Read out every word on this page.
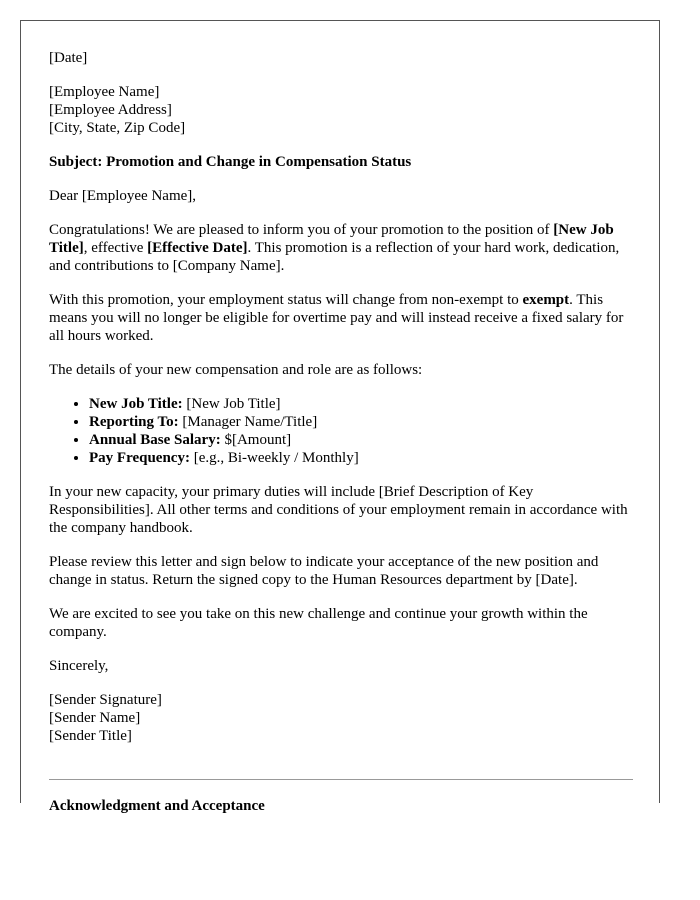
[Date]

[Employee Name]
[Employee Address]
[City, State, Zip Code]

Subject: Promotion and Change in Compensation Status

Dear [Employee Name],

Congratulations! We are pleased to inform you of your promotion to the position of [New Job Title], effective [Effective Date]. This promotion is a reflection of your hard work, dedication, and contributions to [Company Name].

With this promotion, your employment status will change from non-exempt to exempt. This means you will no longer be eligible for overtime pay and will instead receive a fixed salary for all hours worked.

The details of your new compensation and role are as follows:

• New Job Title: [New Job Title]
• Reporting To: [Manager Name/Title]
• Annual Base Salary: $[Amount]
• Pay Frequency: [e.g., Bi-weekly / Monthly]

In your new capacity, your primary duties will include [Brief Description of Key Responsibilities]. All other terms and conditions of your employment remain in accordance with the company handbook.

Please review this letter and sign below to indicate your acceptance of the new position and change in status. Return the signed copy to the Human Resources department by [Date].

We are excited to see you take on this new challenge and continue your growth within the company.

Sincerely,

[Sender Signature]
[Sender Name]
[Sender Title]
Acknowledgment and Acceptance
